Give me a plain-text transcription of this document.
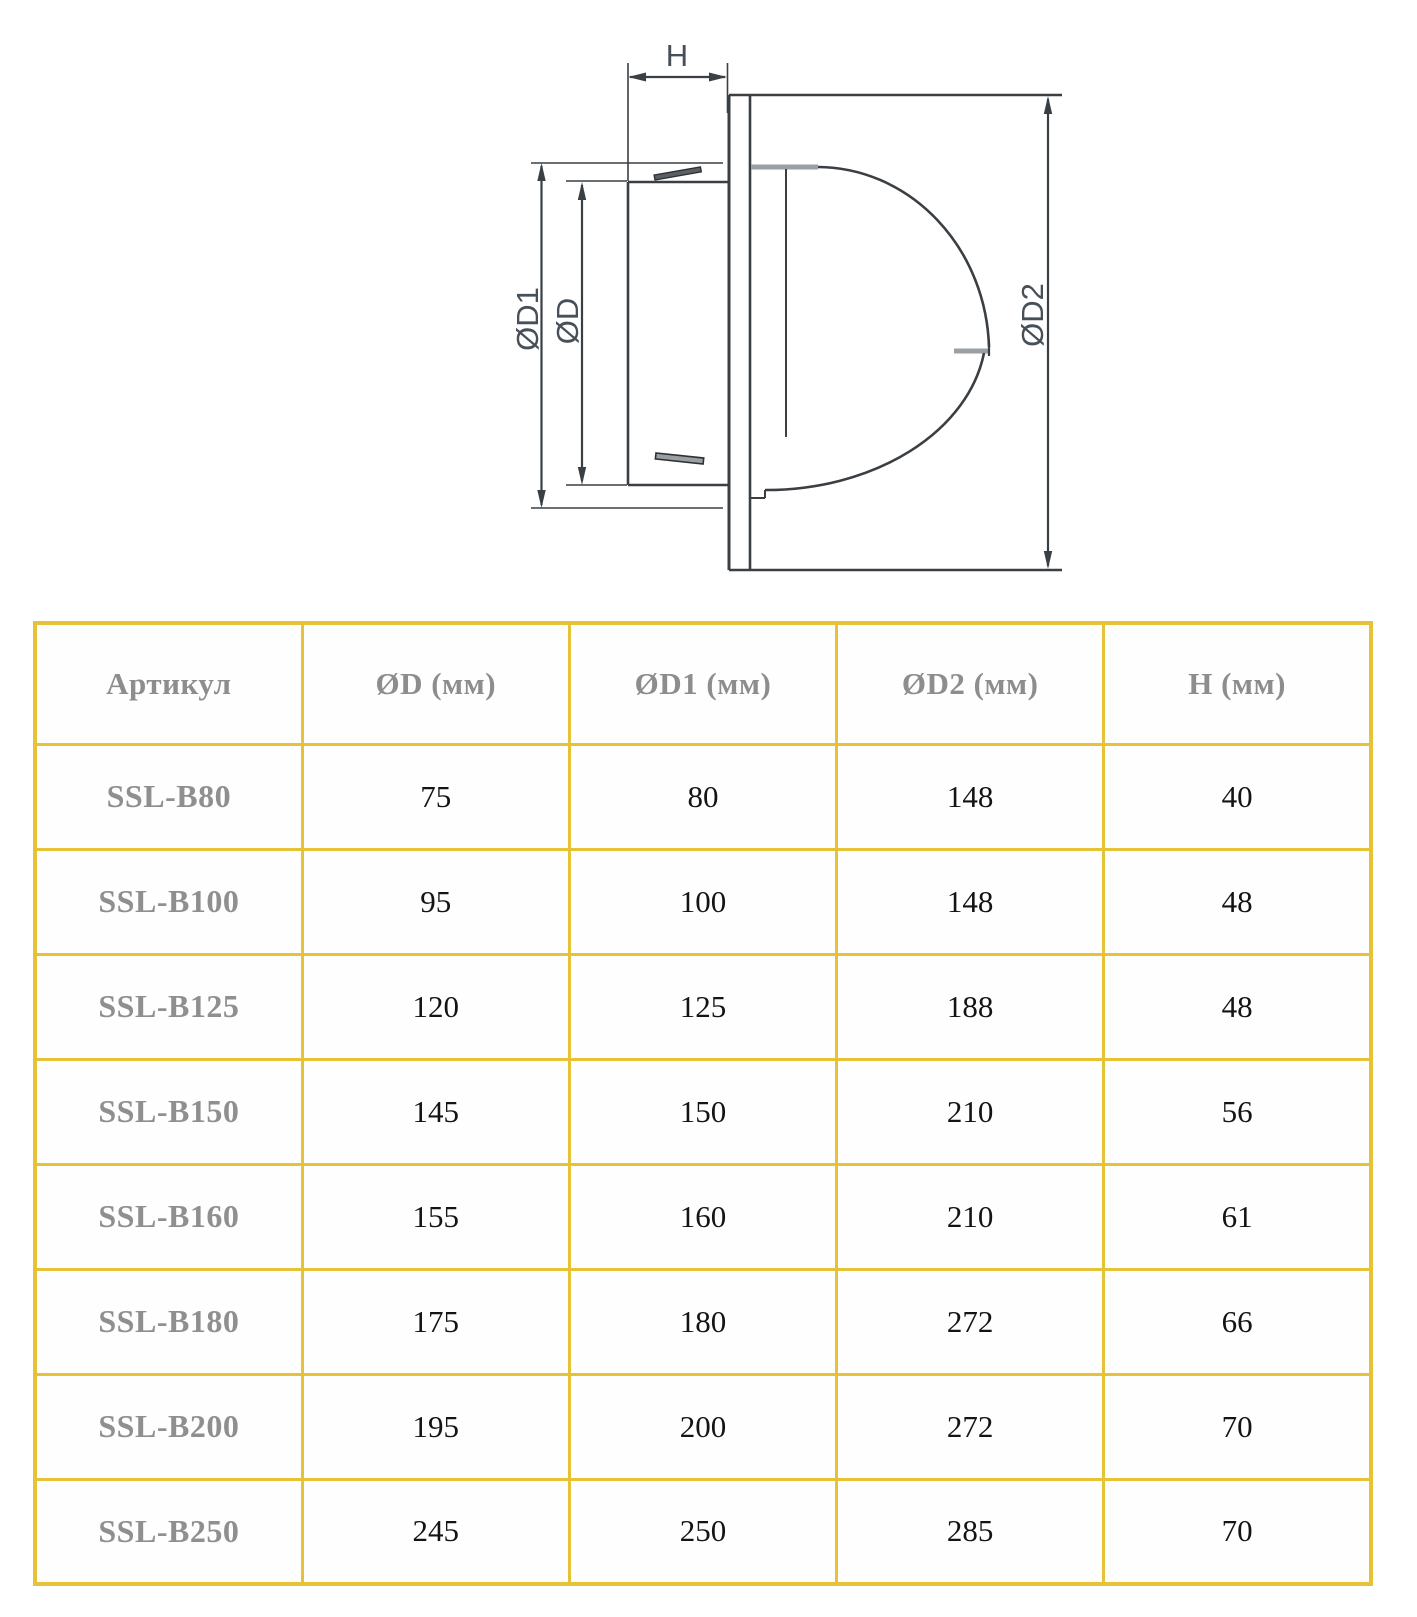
H
ØD1 ØD	ØD2
Артикул	ØD (мм)	ØD1 (мм)	ØD2 (мм)	H (мм)
SSL-B80	75	80	148	40
SSL-B100	95	100	148	48
SSL-B125	120	125	188	48
SSL-B150	145	150	210	56
SSL-B160	155	160	210	61
SSL-B180	175	180	272	66
SSL-B200	195	200	272	70
SSL-B250	245	250	285	70
